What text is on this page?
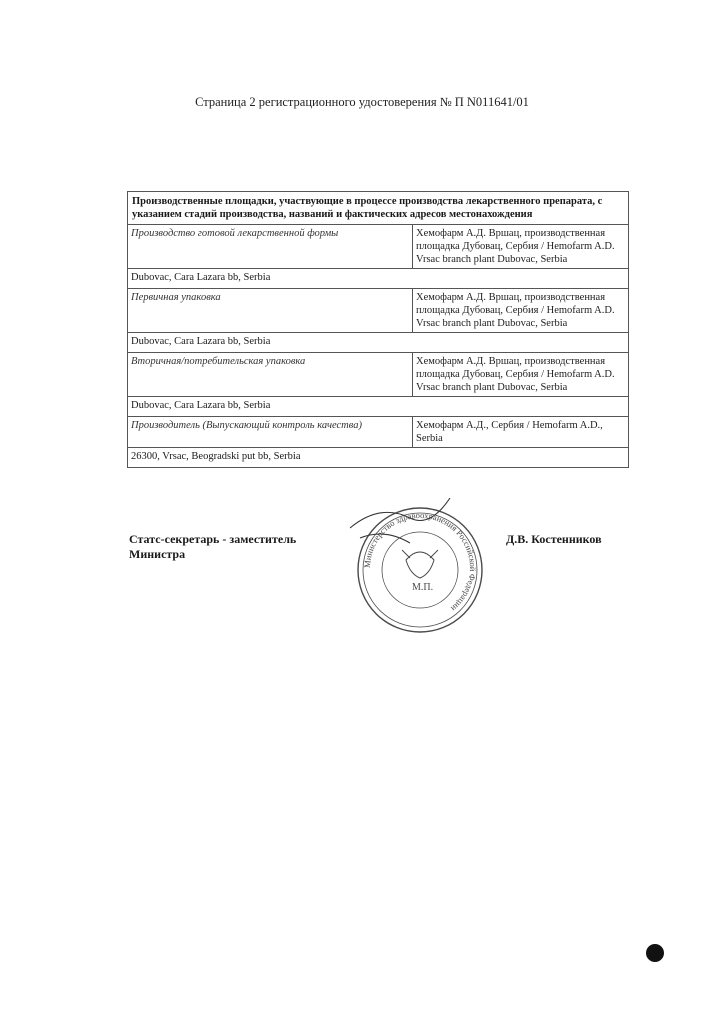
Страница 2 регистрационного удостоверения № П N011641/01
Производственные площадки, участвующие в процессе производства лекарственного препарата, с указанием стадий производства, названий и фактических адресов местонахождения	
Производство готовой лекарственной формы	Хемофарм А.Д. Вршац, производственная площадка Дубовац, Сербия / Hemofarm A.D. Vrsac branch plant Dubovac, Serbia
Dubovac, Cara Lazara bb, Serbia	
Первичная упаковка	Хемофарм А.Д. Вршац, производственная площадка Дубовац, Сербия / Hemofarm A.D. Vrsac branch plant Dubovac, Serbia
Dubovac, Cara Lazara bb, Serbia	
Вторичная/потребительская упаковка	Хемофарм А.Д. Вршац, производственная площадка Дубовац, Сербия / Hemofarm A.D. Vrsac branch plant Dubovac, Serbia
Dubovac, Cara Lazara bb, Serbia	
Производитель (Выпускающий контроль качества)	Хемофарм А.Д., Сербия / Hemofarm A.D., Serbia
26300, Vrsac, Beogradski put bb, Serbia	
Статс-секретарь - заместитель
Министра
Д.В. Костенников
Министерство здравоохранения Российской Федерации
М.П.
